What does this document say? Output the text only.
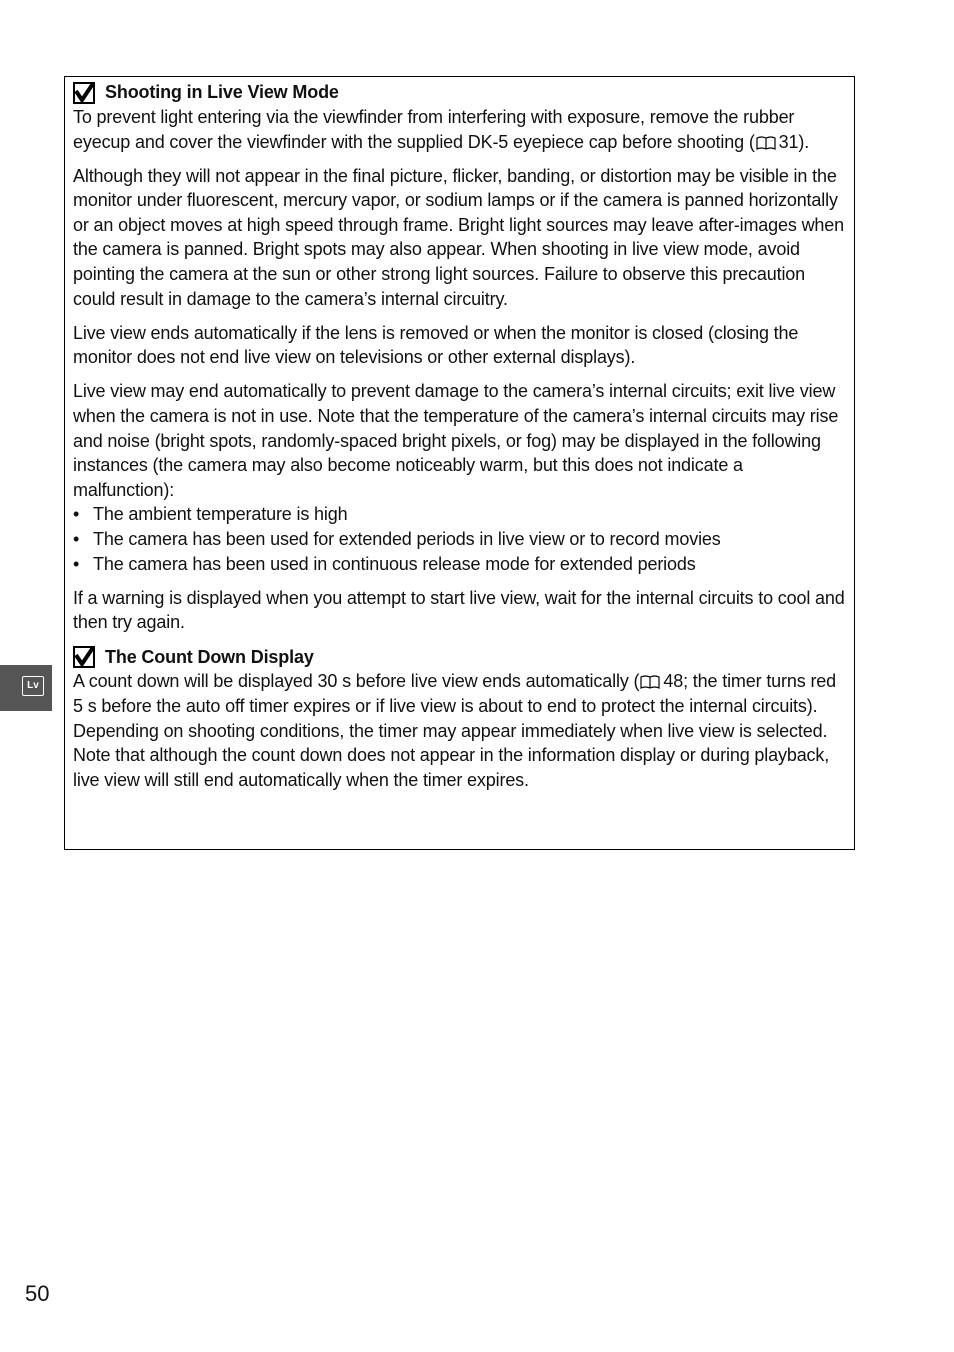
Shooting in Live View Mode

To prevent light entering via the viewfinder from interfering with exposure, remove the rubber eyecup and cover the viewfinder with the supplied DK-5 eyepiece cap before shooting ( 31).

Although they will not appear in the final picture, flicker, banding, or distortion may be visible in the monitor under fluorescent, mercury vapor, or sodium lamps or if the camera is panned horizontally or an object moves at high speed through frame. Bright light sources may leave after-images when the camera is panned. Bright spots may also appear. When shooting in live view mode, avoid pointing the camera at the sun or other strong light sources. Failure to observe this precaution could result in damage to the camera’s internal circuitry.

Live view ends automatically if the lens is removed or when the monitor is closed (closing the monitor does not end live view on televisions or other external displays).

Live view may end automatically to prevent damage to the camera’s internal circuits; exit live view when the camera is not in use. Note that the temperature of the camera’s internal circuits may rise and noise (bright spots, randomly-spaced bright pixels, or fog) may be displayed in the following instances (the camera may also become noticeably warm, but this does not indicate a malfunction):

• The ambient temperature is high
• The camera has been used for extended periods in live view or to record movies
• The camera has been used in continuous release mode for extended periods

If a warning is displayed when you attempt to start live view, wait for the internal circuits to cool and then try again.

The Count Down Display

A count down will be displayed 30 s before live view ends automatically ( 48; the timer turns red 5 s before the auto off timer expires or if live view is about to end to protect the internal circuits). Depending on shooting conditions, the timer may appear immediately when live view is selected. Note that although the count down does not appear in the information display or during playback, live view will still end automatically when the timer expires.

Lv
50
